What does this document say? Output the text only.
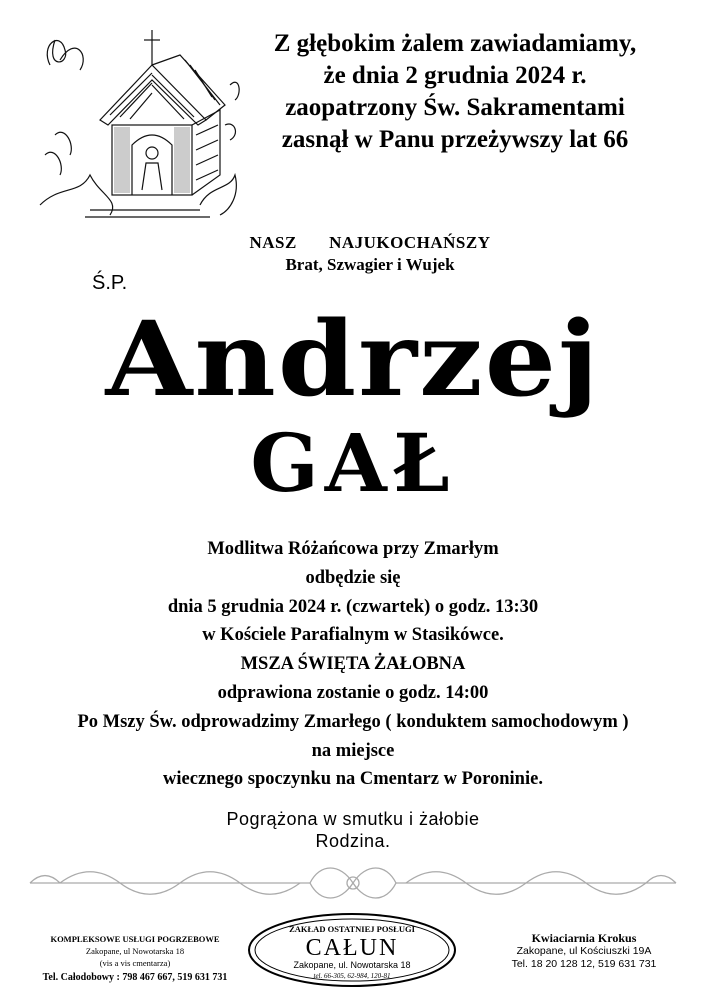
Z głębokim żalem zawiadamiamy,
że dnia 2 grudnia 2024 r.
zaopatrzony Św. Sakramentami
zasnął w Panu przeżywszy lat 66
NASZ   NAJUKOCHAŃSZY
Brat, Szwagier i Wujek
Ś.P.
Andrzej
GAŁ
Modlitwa Różańcowa przy Zmarłym
odbędzie się
dnia 5 grudnia 2024 r. (czwartek) o godz. 13:30
w Kościele Parafialnym w Stasikówce.
MSZA ŚWIĘTA ŻAŁOBNA
odprawiona zostanie o godz. 14:00
Po Mszy Św. odprowadzimy Zmarłego ( konduktem samochodowym )
na miejsce
wiecznego spoczynku na Cmentarz w Poroninie.
Pogrążona w smutku i żałobie
Rodzina.
KOMPLEKSOWE USŁUGI POGRZEBOWE
Zakopane, ul Nowotarska 18
(vis a vis cmentarza)
Tel. Całodobowy : 798 467 667, 519 631 731
ZAKŁAD OSTATNIEJ POSŁUGI
CAŁUN
Zakopane, ul. Nowotarska 18
tel. 66-305, 62-984, 120-81
Kwiaciarnia Krokus
Zakopane, ul Kościuszki 19A
Tel. 18 20 128 12, 519 631 731
